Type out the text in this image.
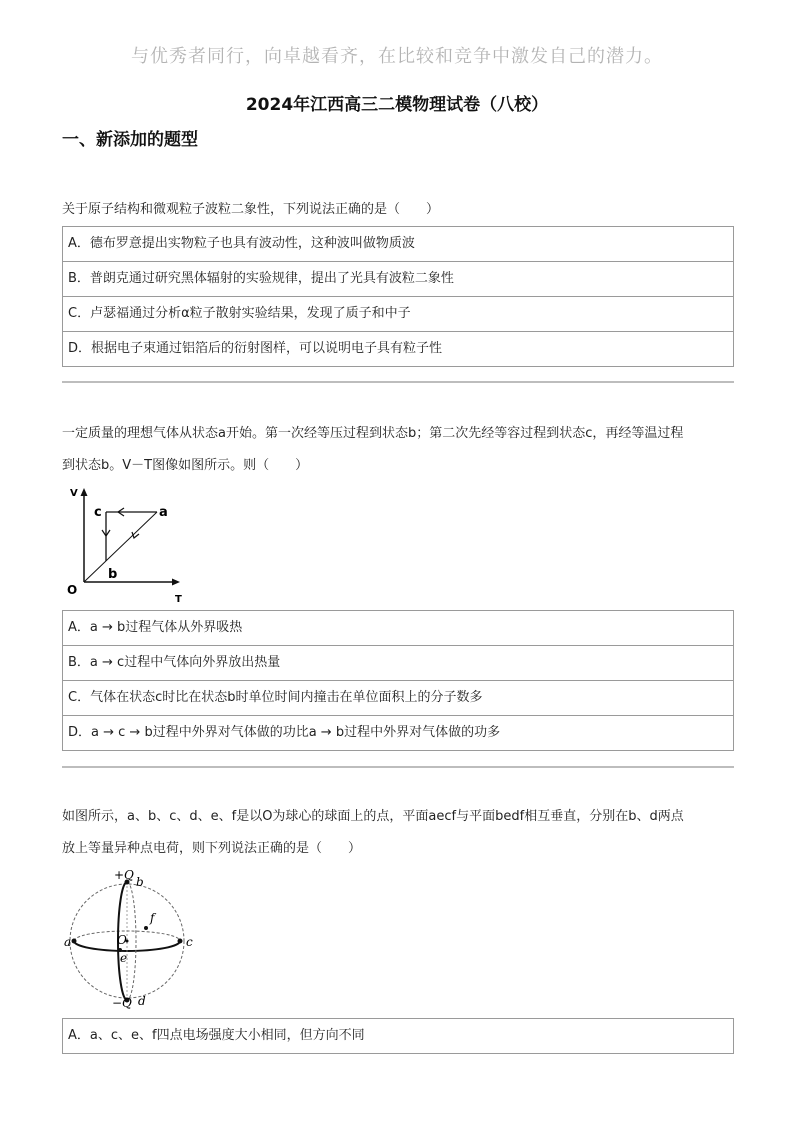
与优秀者同行，向卓越看齐，在比较和竞争中激发自己的潜力。
2024年江西高三二模物理试卷（八校）
一、新添加的题型
关于原子结构和微观粒子波粒二象性，下列说法正确的是（　　）
A．德布罗意提出实物粒子也具有波动性，这种波叫做物质波
B．普朗克通过研究黑体辐射的实验规律，提出了光具有波粒二象性
C．卢瑟福通过分析α粒子散射实验结果，发现了质子和中子
D．根据电子束通过铝箔后的衍射图样，可以说明电子具有粒子性
一定质量的理想气体从状态a开始。第一次经等压过程到状态b；第二次先经等容过程到状态c，再经等温过程
到状态b。V－T图像如图所示。则（　　）
V
T
O
a
c
b
A．a → b过程气体从外界吸热
B．a → c过程中气体向外界放出热量
C．气体在状态c时比在状态b时单位时间内撞击在单位面积上的分子数多
D．a → c → b过程中外界对气体做的功比a → b过程中外界对气体做的功多
如图所示，a、b、c、d、e、f是以O为球心的球面上的点，平面aecf与平面bedf相互垂直，分别在b、d两点
放上等量异种点电荷，则下列说法正确的是（　　）
+Q b
−Q d
a	c
f
O
e
A．a、c、e、f四点电场强度大小相同，但方向不同
